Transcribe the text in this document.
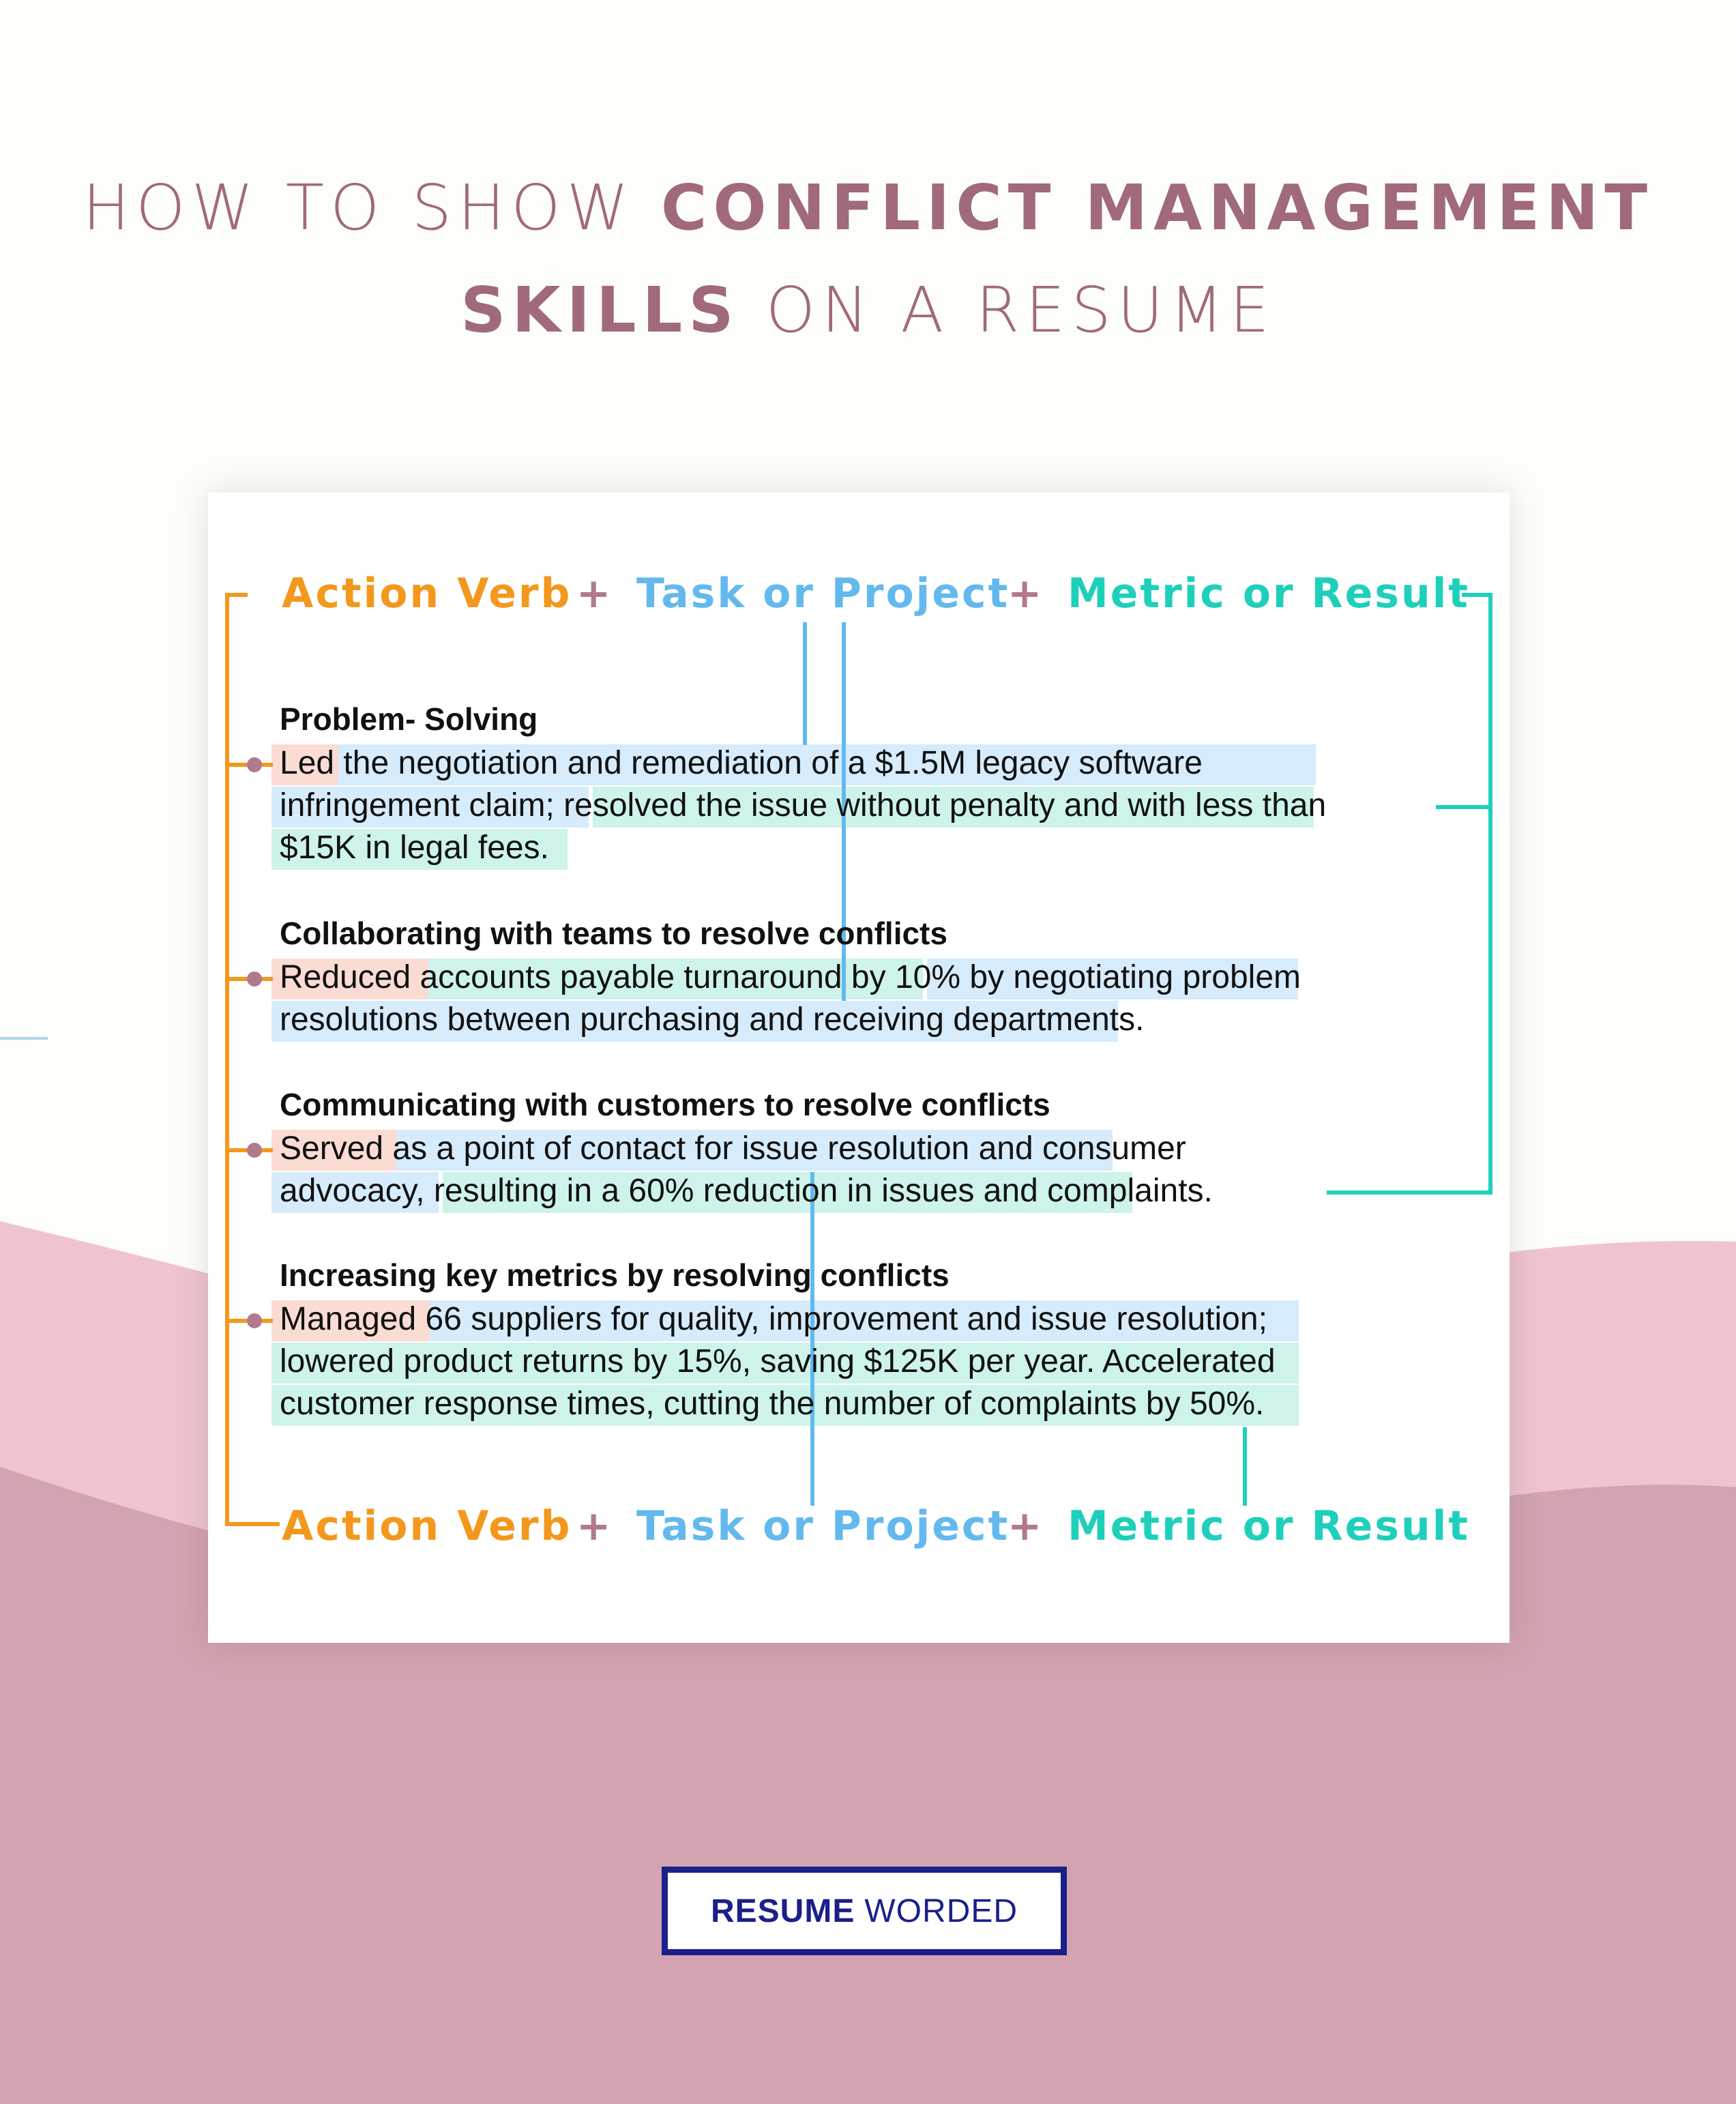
HOW TO SHOW CONFLICT MANAGEMENT
SKILLS ON A RESUME
Action Verb + Task or Project
+ Metric or Result
Action Verb + Task or Project
+ Metric or Result
Problem- Solving
Led the negotiation and remediation of a $1.5M legacy software
infringement claim; resolved the issue without penalty and with less than
$15K in legal fees.
Collaborating with teams to resolve conflicts
Reduced accounts payable turnaround by 10% by negotiating problem
resolutions between purchasing and receiving departments.
Communicating with customers to resolve conflicts
Served as a point of contact for issue resolution and consumer
advocacy, resulting in a 60% reduction in issues and complaints.
Increasing key metrics by resolving conflicts
Managed 66 suppliers for quality, improvement and issue resolution;
lowered product returns by 15%, saving $125K per year. Accelerated
customer response times, cutting the number of complaints by 50%.
RESUME WORDED
